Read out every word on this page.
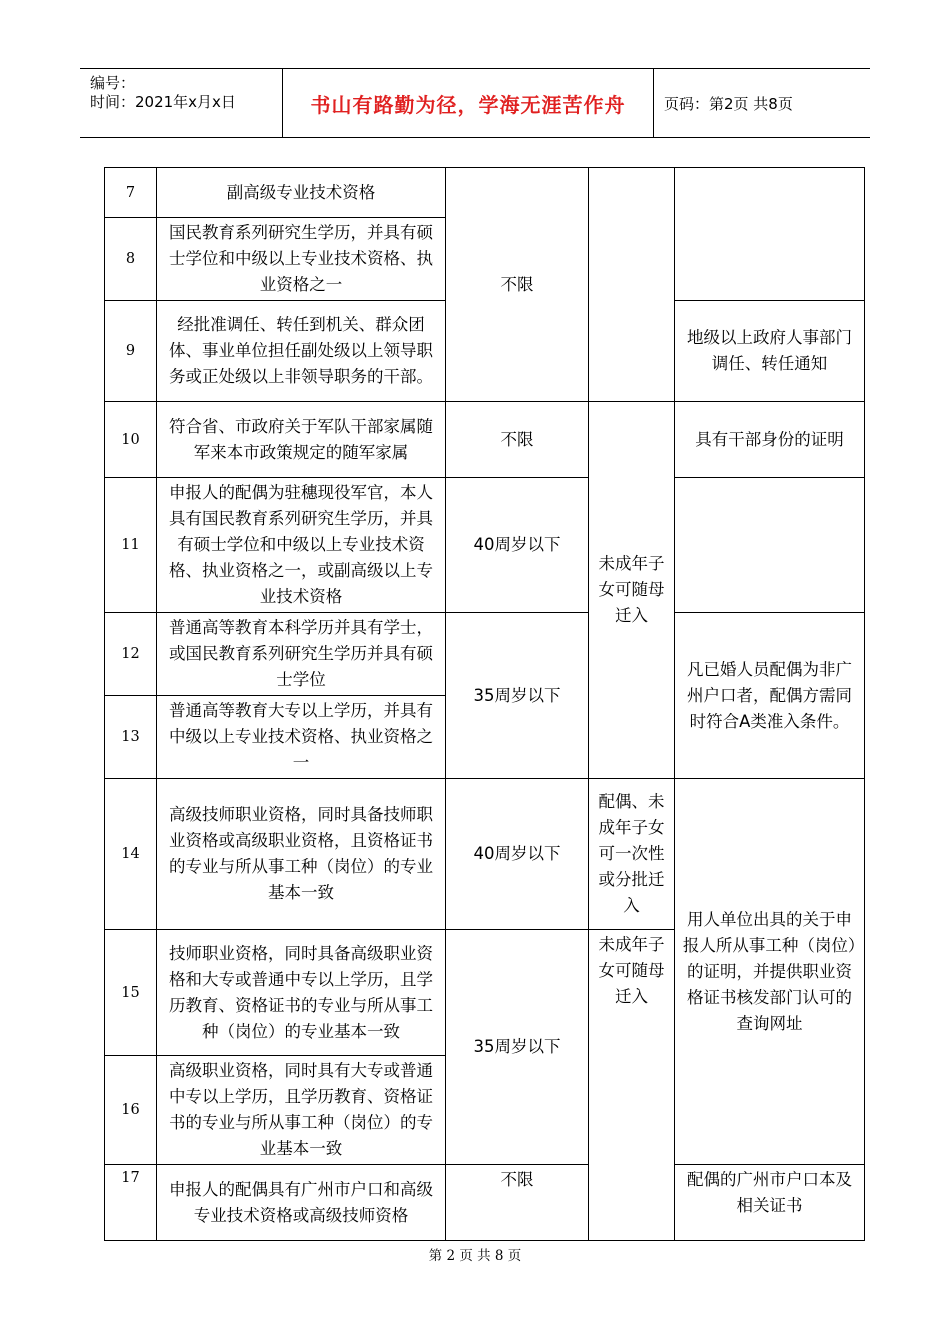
编号：
时间：2021年x月x日	书山有路勤为径，学海无涯苦作舟	页码：第2页 共8页
7	副高级专业技术资格	不限		
8	国民教育系列研究生学历，并具有硕士学位和中级以上专业技术资格、执业资格之一			
9	经批准调任、转任到机关、群众团体、事业单位担任副处级以上领导职务或正处级以上非领导职务的干部。			地级以上政府人事部门调任、转任通知
10	符合省、市政府关于军队干部家属随军来本市政策规定的随军家属	不限	未成年子女可随母迁入	具有干部身份的证明
11	申报人的配偶为驻穗现役军官，本人具有国民教育系列研究生学历，并具有硕士学位和中级以上专业技术资格、执业资格之一，或副高级以上专业技术资格	40周岁以下		
12	普通高等教育本科学历并具有学士，或国民教育系列研究生学历并具有硕士学位	35周岁以下		凡已婚人员配偶为非广州户口者，配偶方需同时符合A类准入条件。
13	普通高等教育大专以上学历，并具有中级以上专业技术资格、执业资格之一			
14	高级技师职业资格，同时具备技师职业资格或高级职业资格，且资格证书的专业与所从事工种（岗位）的专业基本一致	40周岁以下	配偶、未成年子女可一次性或分批迁入	用人单位出具的关于申报人所从事工种（岗位）的证明，并提供职业资格证书核发部门认可的查询网址
15	技师职业资格，同时具备高级职业资格和大专或普通中专以上学历，且学历教育、资格证书的专业与所从事工种（岗位）的专业基本一致	35周岁以下	未成年子女可随母迁入	
16	高级职业资格，同时具有大专或普通中专以上学历，且学历教育、资格证书的专业与所从事工种（岗位）的专业基本一致			
17	申报人的配偶具有广州市户口和高级专业技术资格或高级技师资格	不限		配偶的广州市户口本及相关证书
第 2 页 共 8 页
